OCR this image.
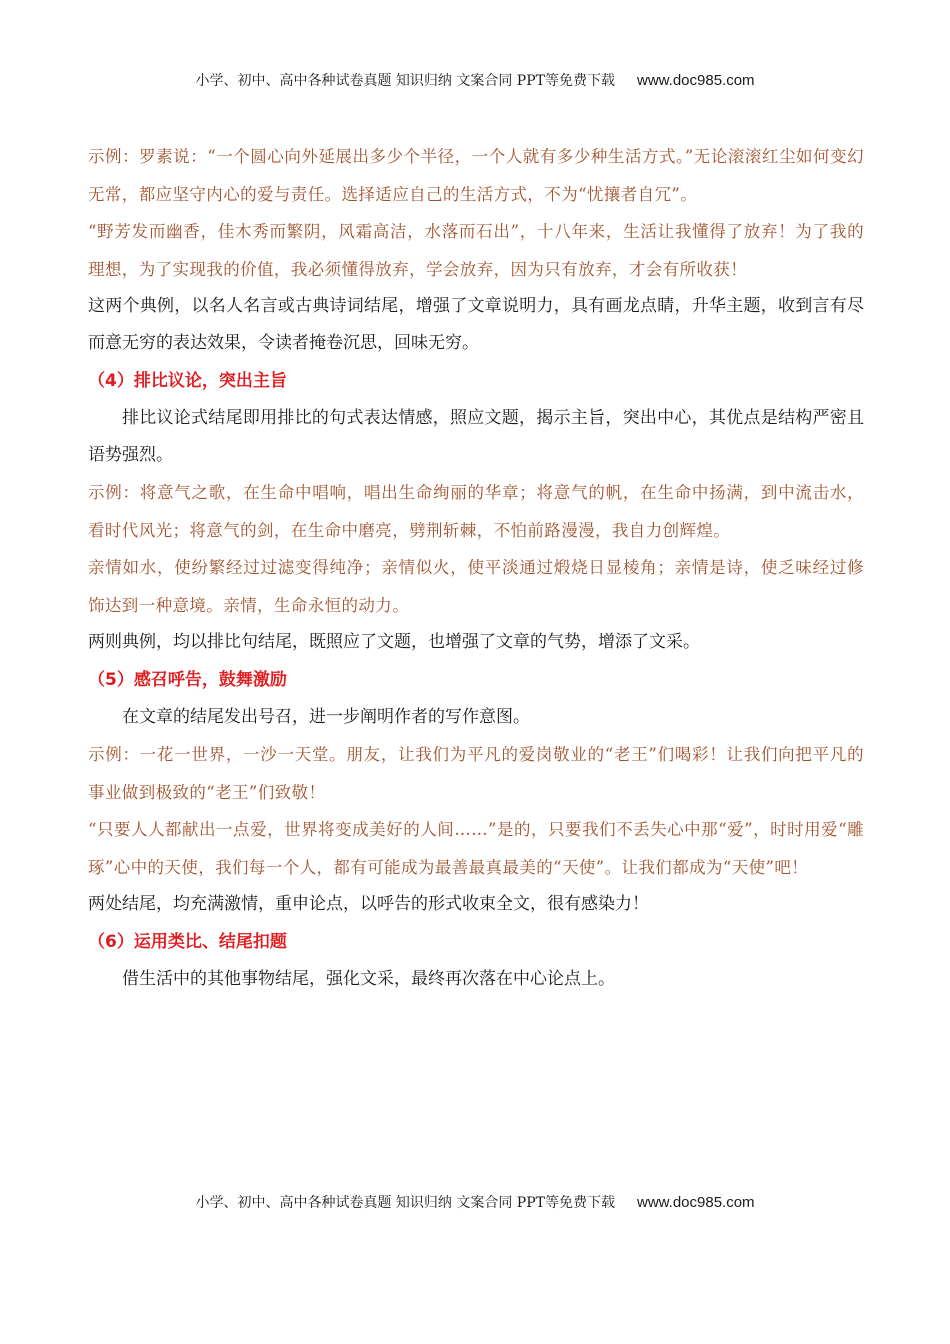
小学、初中、高中各种试卷真题 知识归纳 文案合同 PPT等免费下载 www.doc985.com

示例：罗素说：“一个圆心向外延展出多少个半径，一个人就有多少种生活方式。”无论滚滚红尘如何变幻无常，都应坚守内心的爱与责任。选择适应自己的生活方式，不为“忧攘者自冗”。

“野芳发而幽香，佳木秀而繁阴，风霜高洁，水落而石出”，十八年来，生活让我懂得了放弃！为了我的理想，为了实现我的价值，我必须懂得放弃，学会放弃，因为只有放弃，才会有所收获！

这两个典例，以名人名言或古典诗词结尾，增强了文章说明力，具有画龙点睛，升华主题，收到言有尽而意无穷的表达效果，令读者掩卷沉思，回味无穷。

（4）排比议论，突出主旨

排比议论式结尾即用排比的句式表达情感，照应文题，揭示主旨，突出中心，其优点是结构严密且语势强烈。

示例：将意气之歌，在生命中唱响，唱出生命绚丽的华章；将意气的帆，在生命中扬满，到中流击水，看时代风光；将意气的剑，在生命中磨亮，劈荆斩棘，不怕前路漫漫，我自力创辉煌。

亲情如水，使纷繁经过过滤变得纯净；亲情似火，使平淡通过煅烧日显棱角；亲情是诗，使乏味经过修饰达到一种意境。亲情，生命永恒的动力。

两则典例，均以排比句结尾，既照应了文题，也增强了文章的气势，增添了文采。

（5）感召呼告，鼓舞激励

在文章的结尾发出号召，进一步阐明作者的写作意图。

示例：一花一世界，一沙一天堂。朋友，让我们为平凡的爱岗敬业的“老王”们喝彩！让我们向把平凡的事业做到极致的“老王”们致敬！

“只要人人都献出一点爱，世界将变成美好的人间……”是的，只要我们不丢失心中那“爱”，时时用爱“雕琢”心中的天使，我们每一个人，都有可能成为最善最真最美的“天使”。让我们都成为“天使”吧！

两处结尾，均充满激情，重申论点，以呼告的形式收束全文，很有感染力！

（6）运用类比、结尾扣题

借生活中的其他事物结尾，强化文采，最终再次落在中心论点上。

小学、初中、高中各种试卷真题 知识归纳 文案合同 PPT等免费下载 www.doc985.com
